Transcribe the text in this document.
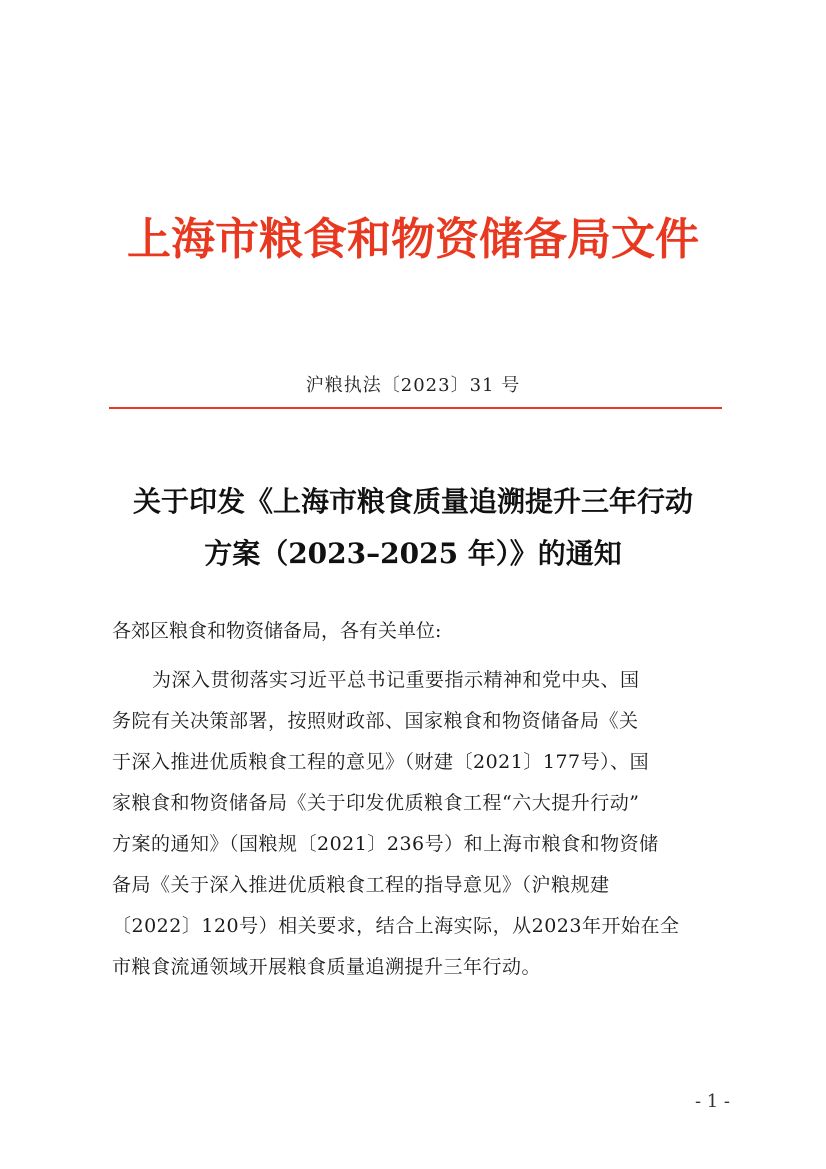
上海市粮食和物资储备局文件
沪粮执法〔2023〕31 号
关于印发《上海市粮食质量追溯提升三年行动
方案（2023–2025 年）》的通知
各郊区粮食和物资储备局，各有关单位:
为深入贯彻落实习近平总书记重要指示精神和党中央、国
务院有关决策部署，按照财政部、国家粮食和物资储备局《关
于深入推进优质粮食工程的意见》（财建〔2021〕177号）、国
家粮食和物资储备局《关于印发优质粮食工程“六大提升行动”
方案的通知》（国粮规〔2021〕236号）和上海市粮食和物资储
备局《关于深入推进优质粮食工程的指导意见》（沪粮规建
〔2022〕120号）相关要求，结合上海实际，从2023年开始在全
市粮食流通领域开展粮食质量追溯提升三年行动。
- 1 -
